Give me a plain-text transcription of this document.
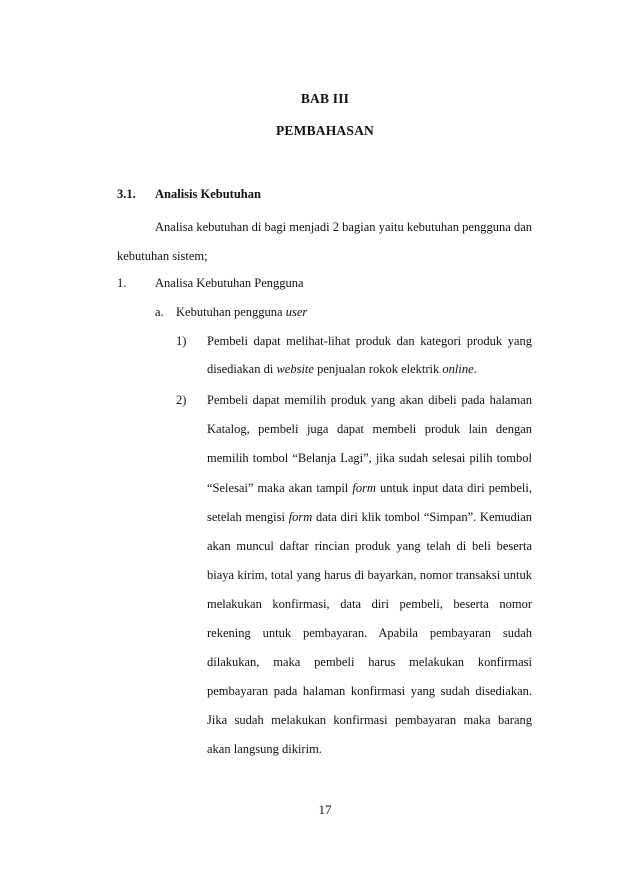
BAB III
PEMBAHASAN
3.1. Analisis Kebutuhan
Analisa kebutuhan di bagi menjadi 2 bagian yaitu kebutuhan pengguna dan
kebutuhan sistem;
1. Analisa Kebutuhan Pengguna
a. Kebutuhan pengguna user
1) Pembeli dapat melihat-lihat produk dan kategori produk yang
disediakan di website penjualan rokok elektrik online.
2) Pembeli dapat memilih produk yang akan dibeli pada halaman
Katalog, pembeli juga dapat membeli produk lain dengan
memilih tombol “Belanja Lagi”, jika sudah selesai pilih tombol
“Selesai” maka akan tampil form untuk input data diri pembeli,
setelah mengisi form data diri klik tombol “Simpan”. Kemudian
akan muncul daftar rincian produk yang telah di beli beserta
biaya kirim, total yang harus di bayarkan, nomor transaksi untuk
melakukan konfirmasi, data diri pembeli, beserta nomor
rekening untuk pembayaran. Apabila pembayaran sudah
dilakukan, maka pembeli harus melakukan konfirmasi
pembayaran pada halaman konfirmasi yang sudah disediakan.
Jika sudah melakukan konfirmasi pembayaran maka barang
akan langsung dikirim.
17
